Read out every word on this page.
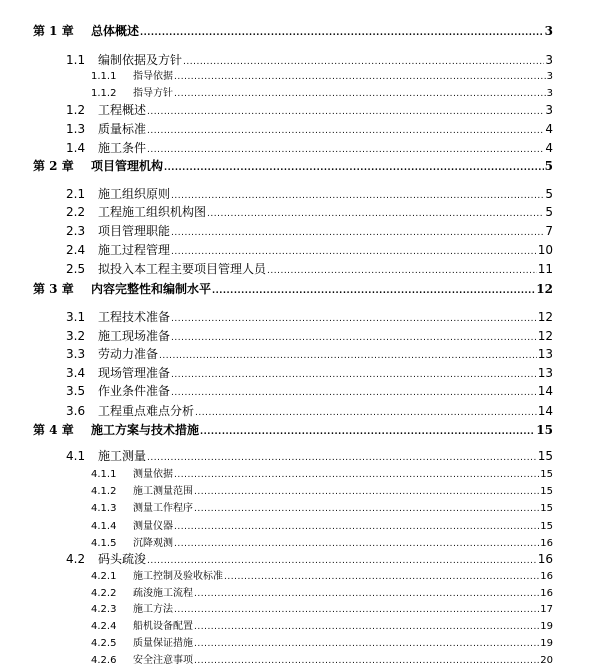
第 1 章	总体概述 .....	3
1.1	编制依据及方针 .....	3
1.1.1	指导依据 .....	3
1.1.2	指导方针 .....	3
1.2	工程概述 .....	3
1.3	质量标准 .....	4
1.4	施工条件 .....	4
第 2 章	项目管理机构 .....	5
2.1	施工组织原则 .....	5
2.2	工程施工组织机构图 .....	5
2.3	项目管理职能 .....	7
2.4	施工过程管理 .....	10
2.5	拟投入本工程主要项目管理人员 .....	11
第 3 章	内容完整性和编制水平 .....	12
3.1	工程技术准备 .....	12
3.2	施工现场准备 .....	12
3.3	劳动力准备 .....	13
3.4	现场管理准备 .....	13
3.5	作业条件准备 .....	14
3.6	工程重点难点分析 .....	14
第 4 章	施工方案与技术措施 .....	15
4.1	施工测量 .....	15
4.1.1	测量依据 .....	15
4.1.2	施工测量范围 .....	15
4.1.3	测量工作程序 .....	15
4.1.4	测量仪器 .....	15
4.1.5	沉降观测 .....	16
4.2	码头疏浚 .....	16
4.2.1	施工控制及验收标准 .....	16
4.2.2	疏浚施工流程 .....	16
4.2.3	施工方法 .....	17
4.2.4	船机设备配置 .....	19
4.2.5	质量保证措施 .....	19
4.2.6	安全注意事项 .....	20
